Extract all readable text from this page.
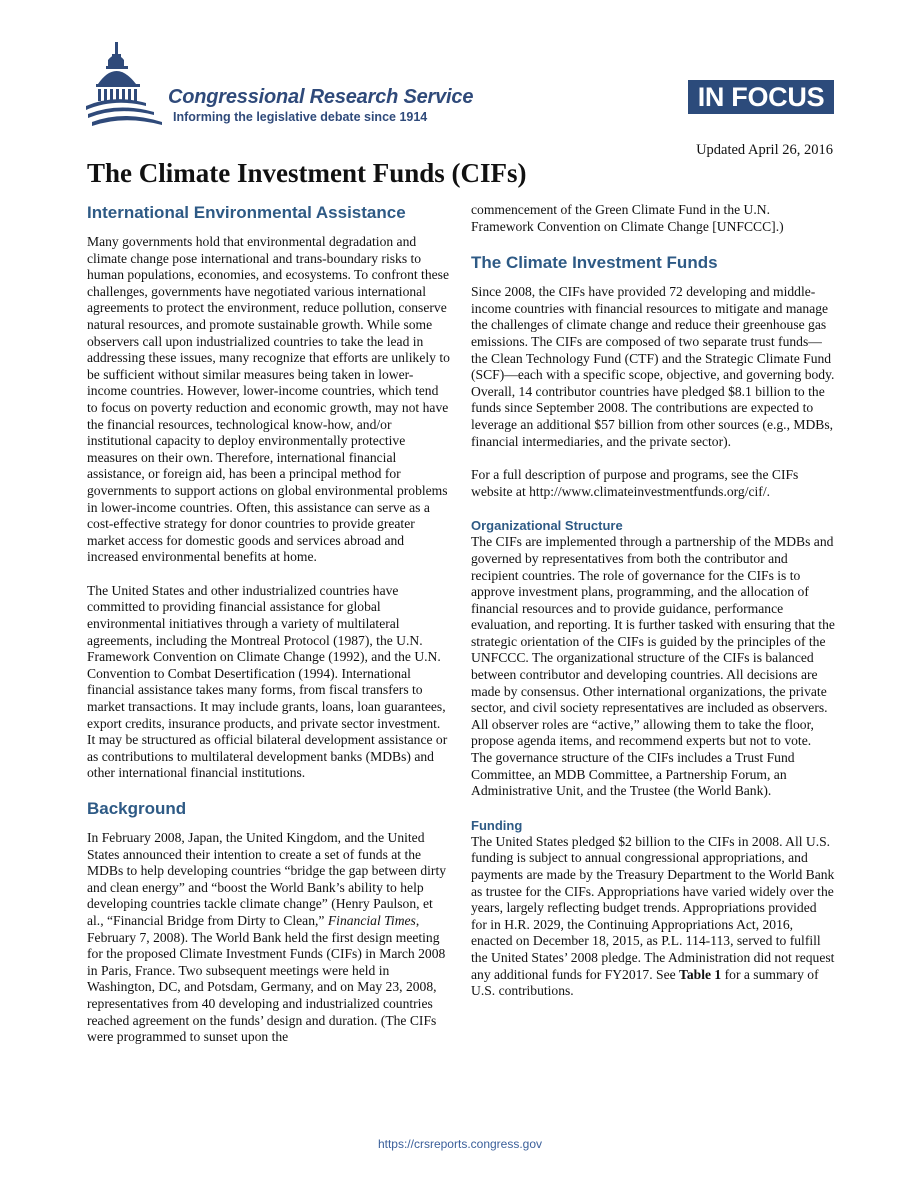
Congressional Research Service
Informing the legislative debate since 1914
IN FOCUS
Updated April 26, 2016
The Climate Investment Funds (CIFs)
International Environmental Assistance

Many governments hold that environmental degradation and climate change pose international and trans-boundary risks to human populations, economies, and ecosystems. To confront these challenges, governments have negotiated various international agreements to protect the environment, reduce pollution, conserve natural resources, and promote sustainable growth. While some observers call upon industrialized countries to take the lead in addressing these issues, many recognize that efforts are unlikely to be sufficient without similar measures being taken in lower-income countries. However, lower-income countries, which tend to focus on poverty reduction and economic growth, may not have the financial resources, technological know-how, and/or institutional capacity to deploy environmentally protective measures on their own. Therefore, international financial assistance, or foreign aid, has been a principal method for governments to support actions on global environmental problems in lower-income countries. Often, this assistance can serve as a cost-effective strategy for donor countries to provide greater market access for domestic goods and services abroad and increased environmental benefits at home.

The United States and other industrialized countries have committed to providing financial assistance for global environmental initiatives through a variety of multilateral agreements, including the Montreal Protocol (1987), the U.N. Framework Convention on Climate Change (1992), and the U.N. Convention to Combat Desertification (1994). International financial assistance takes many forms, from fiscal transfers to market transactions. It may include grants, loans, loan guarantees, export credits, insurance products, and private sector investment. It may be structured as official bilateral development assistance or as contributions to multilateral development banks (MDBs) and other international financial institutions.

Background

In February 2008, Japan, the United Kingdom, and the United States announced their intention to create a set of funds at the MDBs to help developing countries “bridge the gap between dirty and clean energy” and “boost the World Bank’s ability to help developing countries tackle climate change” (Henry Paulson, et al., “Financial Bridge from Dirty to Clean,” Financial Times, February 7, 2008). The World Bank held the first design meeting for the proposed Climate Investment Funds (CIFs) in March 2008 in Paris, France. Two subsequent meetings were held in Washington, DC, and Potsdam, Germany, and on May 23, 2008, representatives from 40 developing and industrialized countries reached agreement on the funds’ design and duration. (The CIFs were programmed to sunset upon the

commencement of the Green Climate Fund in the U.N. Framework Convention on Climate Change [UNFCCC].)

The Climate Investment Funds

Since 2008, the CIFs have provided 72 developing and middle-income countries with financial resources to mitigate and manage the challenges of climate change and reduce their greenhouse gas emissions. The CIFs are composed of two separate trust funds—the Clean Technology Fund (CTF) and the Strategic Climate Fund (SCF)—each with a specific scope, objective, and governing body. Overall, 14 contributor countries have pledged $8.1 billion to the funds since September 2008. The contributions are expected to leverage an additional $57 billion from other sources (e.g., MDBs, financial intermediaries, and the private sector).

For a full description of purpose and programs, see the CIFs website at http://www.climateinvestmentfunds.org/cif/.

Organizational Structure

The CIFs are implemented through a partnership of the MDBs and governed by representatives from both the contributor and recipient countries. The role of governance for the CIFs is to approve investment plans, programming, and the allocation of financial resources and to provide guidance, performance evaluation, and reporting. It is further tasked with ensuring that the strategic orientation of the CIFs is guided by the principles of the UNFCCC. The organizational structure of the CIFs is balanced between contributor and developing countries. All decisions are made by consensus. Other international organizations, the private sector, and civil society representatives are included as observers. All observer roles are “active,” allowing them to take the floor, propose agenda items, and recommend experts but not to vote. The governance structure of the CIFs includes a Trust Fund Committee, an MDB Committee, a Partnership Forum, an Administrative Unit, and the Trustee (the World Bank).

Funding

The United States pledged $2 billion to the CIFs in 2008. All U.S. funding is subject to annual congressional appropriations, and payments are made by the Treasury Department to the World Bank as trustee for the CIFs. Appropriations have varied widely over the years, largely reflecting budget trends. Appropriations provided for in H.R. 2029, the Continuing Appropriations Act, 2016, enacted on December 18, 2015, as P.L. 114-113, served to fulfill the United States’ 2008 pledge. The Administration did not request any additional funds for FY2017. See Table 1 for a summary of U.S. contributions.

https://crsreports.congress.gov
